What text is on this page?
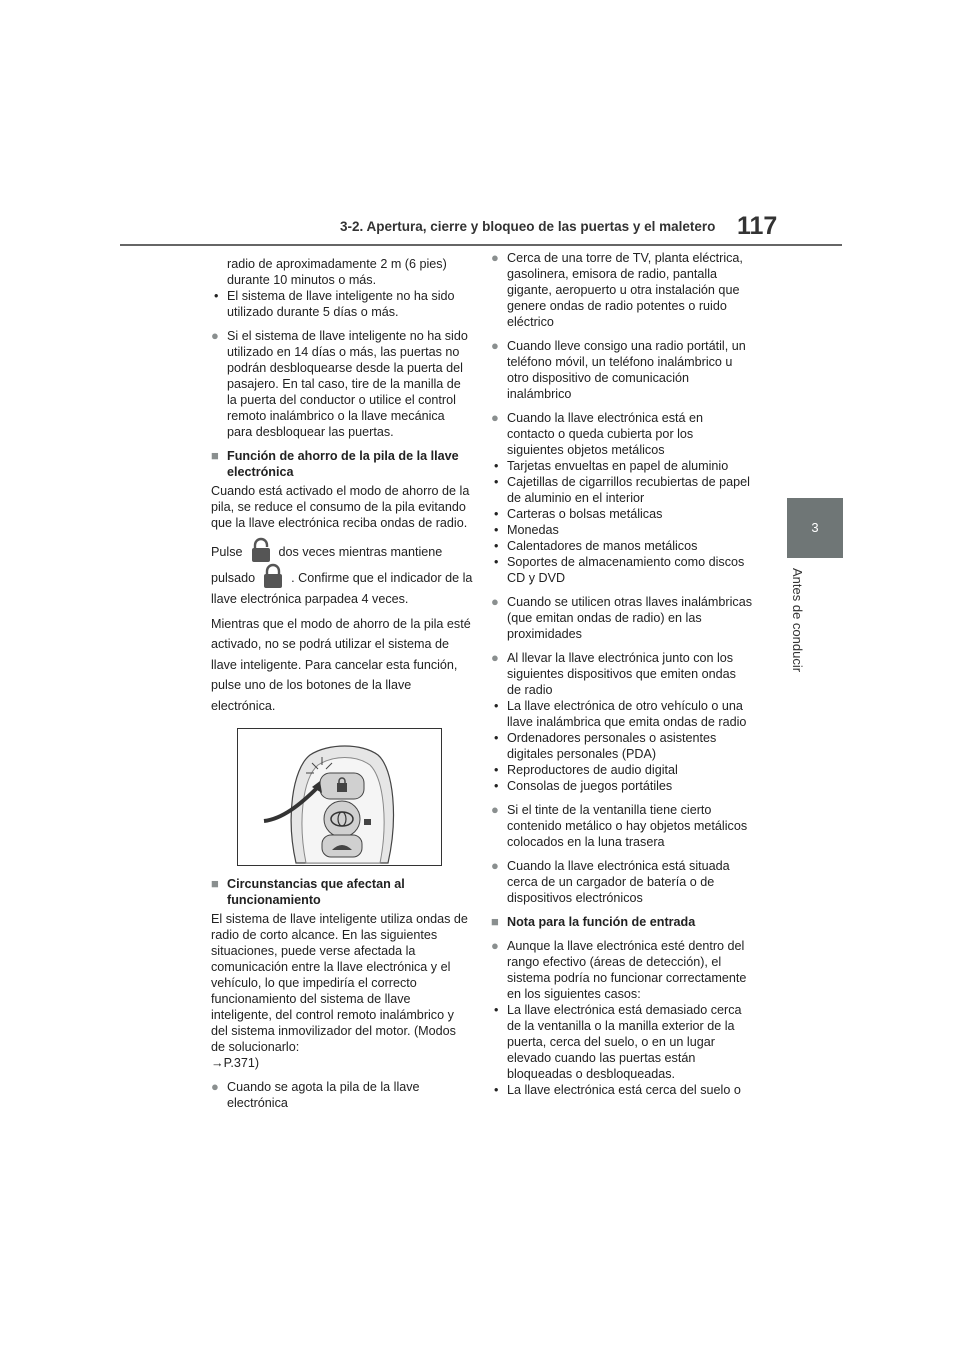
3-2. Apertura, cierre y bloqueo de las puertas y el maletero 117
3
Antes de conducir

radio de aproximadamente 2 m (6 pies) durante 10 minutos o más.

• El sistema de llave inteligente no ha sido utilizado durante 5 días o más.
● Si el sistema de llave inteligente no ha sido utilizado en 14 días o más, las puertas no podrán desbloquearse desde la puerta del pasajero. En tal caso, tire de la manilla de la puerta del conductor o utilice el control remoto inalámbrico o la llave mecánica para desbloquear las puertas.
■ Función de ahorro de la pila de la llave electrónica

Cuando está activado el modo de ahorro de la pila, se reduce el consumo de la pila evitando que la llave electrónica reciba ondas de radio.

Pulse	dos veces mientras mantiene pulsado	. Confirme que el indicador de la llave electrónica parpadea 4 veces.

Mientras que el modo de ahorro de la pila esté activado, no se podrá utilizar el sistema de llave inteligente. Para cancelar esta función, pulse uno de los botones de la llave electrónica.

■ Circunstancias que afectan al funcionamiento

El sistema de llave inteligente utiliza ondas de radio de corto alcance. En las siguientes situaciones, puede verse afectada la comunicación entre la llave electrónica y el vehículo, lo que impediría el correcto funcionamiento del sistema de llave inteligente, del control remoto inalámbrico y del sistema inmovilizador del motor. (Modos de solucionarlo:
→P.371)

● Cuando se agota la pila de la llave electrónica
● Cerca de una torre de TV, planta eléctrica, gasolinera, emisora de radio, pantalla gigante, aeropuerto u otra instalación que genere ondas de radio potentes o ruido eléctrico
● Cuando lleve consigo una radio portátil, un teléfono móvil, un teléfono inalámbrico u otro dispositivo de comunicación inalámbrico
● Cuando la llave electrónica está en contacto o queda cubierta por los siguientes objetos metálicos
• Tarjetas envueltas en papel de aluminio
• Cajetillas de cigarrillos recubiertas de papel de aluminio en el interior
• Carteras o bolsas metálicas
• Monedas
• Calentadores de manos metálicos
• Soportes de almacenamiento como discos CD y DVD
● Cuando se utilicen otras llaves inalámbricas (que emitan ondas de radio) en las proximidades
● Al llevar la llave electrónica junto con los siguientes dispositivos que emiten ondas de radio
• La llave electrónica de otro vehículo o una llave inalámbrica que emita ondas de radio
• Ordenadores personales o asistentes digitales personales (PDA)
• Reproductores de audio digital
• Consolas de juegos portátiles
● Si el tinte de la ventanilla tiene cierto contenido metálico o hay objetos metálicos colocados en la luna trasera
● Cuando la llave electrónica está situada cerca de un cargador de batería o de dispositivos electrónicos
■ Nota para la función de entrada
● Aunque la llave electrónica esté dentro del rango efectivo (áreas de detección), el sistema podría no funcionar correctamente en los siguientes casos:
• La llave electrónica está demasiado cerca de la ventanilla o la manilla exterior de la puerta, cerca del suelo, o en un lugar elevado cuando las puertas están bloqueadas o desbloqueadas.
• La llave electrónica está cerca del suelo o
